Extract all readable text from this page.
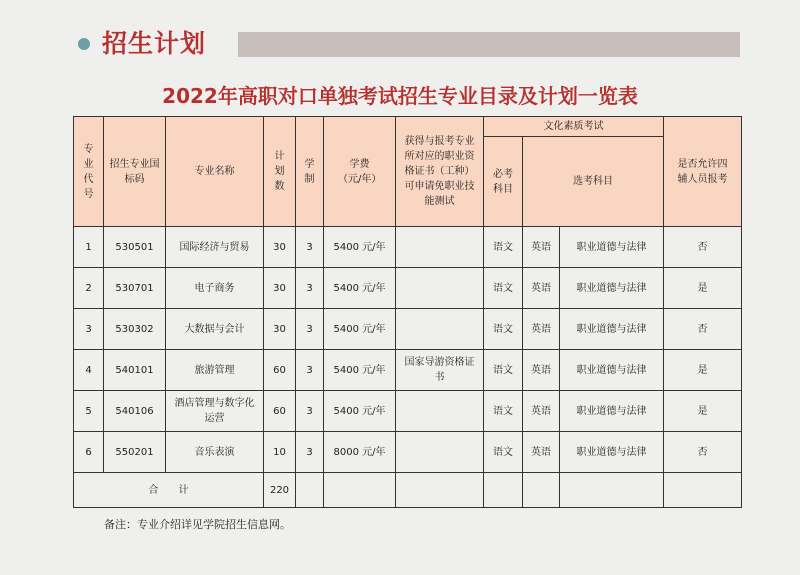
招生计划
2022年高职对口单独考试招生专业目录及计划一览表
专业代号	招生专业国标码	专业名称	计划数	学制	学费（元/年）	获得与报考专业所对应的职业资格证书（工种）可申请免职业技能测试	文化素质考试			是否允许四辅人员报考
							必考科目	选考科目		
1	530501	国际经济与贸易	30	3	5400 元/年		语文	英语	职业道德与法律	否
2	530701	电子商务	30	3	5400 元/年		语文	英语	职业道德与法律	是
3	530302	大数据与会计	30	3	5400 元/年		语文	英语	职业道德与法律	否
4	540101	旅游管理	60	3	5400 元/年	国家导游资格证书	语文	英语	职业道德与法律	是
5	540106	酒店管理与数字化运营	60	3	5400 元/年		语文	英语	职业道德与法律	是
6	550201	音乐表演	10	3	8000 元/年		语文	英语	职业道德与法律	否
合　　计			220							
备注：专业介绍详见学院招生信息网。
